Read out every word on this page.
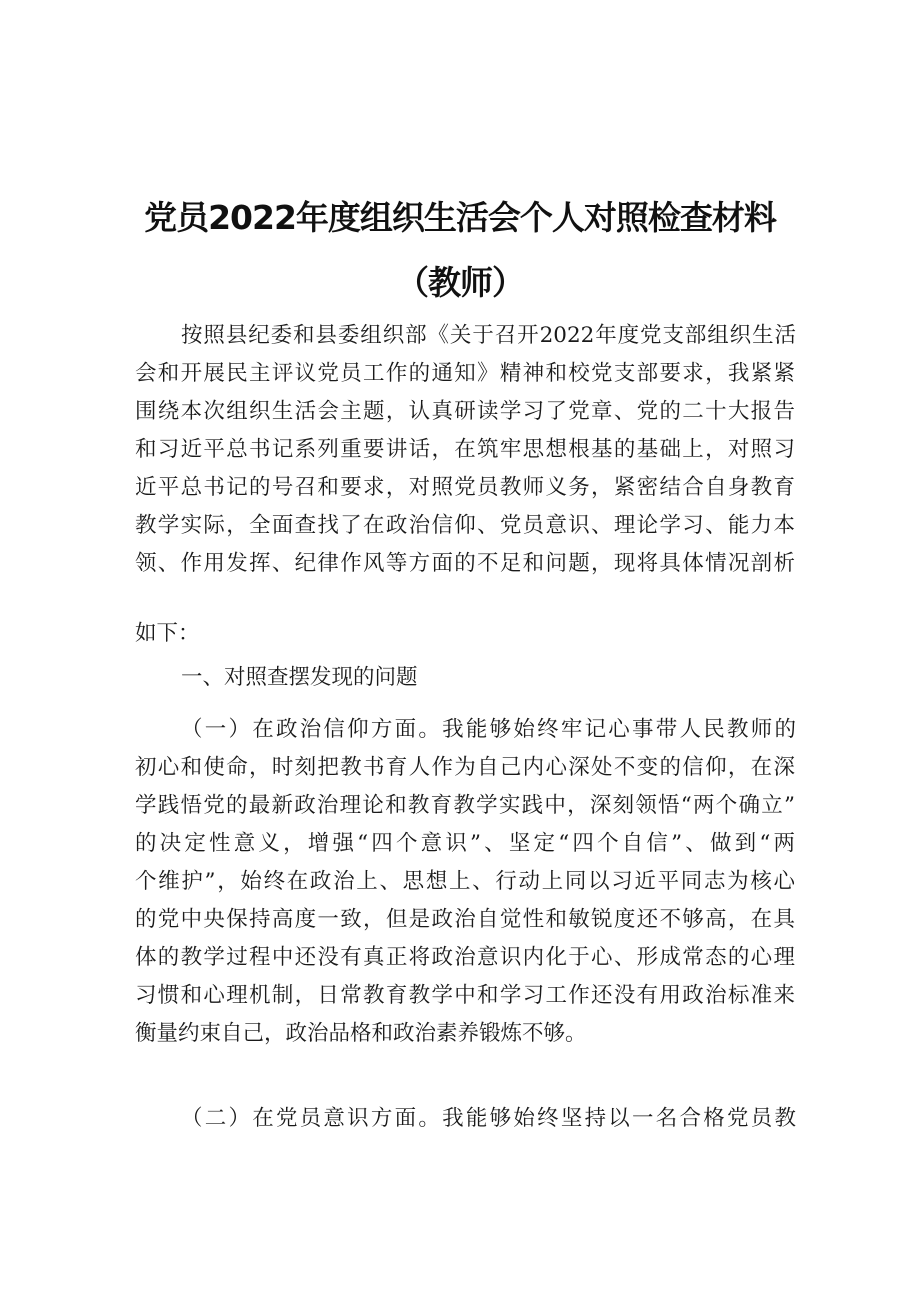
党员2022年度组织生活会个人对照检查材料
（教师）

按照县纪委和县委组织部《关于召开2022年度党支部组织生活

会和开展民主评议党员工作的通知》精神和校党支部要求，我紧紧

围绕本次组织生活会主题，认真研读学习了党章、党的二十大报告

和习近平总书记系列重要讲话，在筑牢思想根基的基础上，对照习

近平总书记的号召和要求，对照党员教师义务，紧密结合自身教育

教学实际，全面查找了在政治信仰、党员意识、理论学习、能力本

领、作用发挥、纪律作风等方面的不足和问题，现将具体情况剖析

如下：

一、对照查摆发现的问题

（一）在政治信仰方面。我能够始终牢记心事带人民教师的

初心和使命，时刻把教书育人作为自己内心深处不变的信仰，在深

学践悟党的最新政治理论和教育教学实践中，深刻领悟“两个确立”

的决定性意义，增强“四个意识”、坚定“四个自信”、做到“两

个维护”，始终在政治上、思想上、行动上同以习近平同志为核心

的党中央保持高度一致，但是政治自觉性和敏锐度还不够高，在具

体的教学过程中还没有真正将政治意识内化于心、形成常态的心理

习惯和心理机制，日常教育教学中和学习工作还没有用政治标准来

衡量约束自己，政治品格和政治素养锻炼不够。

（二）在党员意识方面。我能够始终坚持以一名合格党员教
